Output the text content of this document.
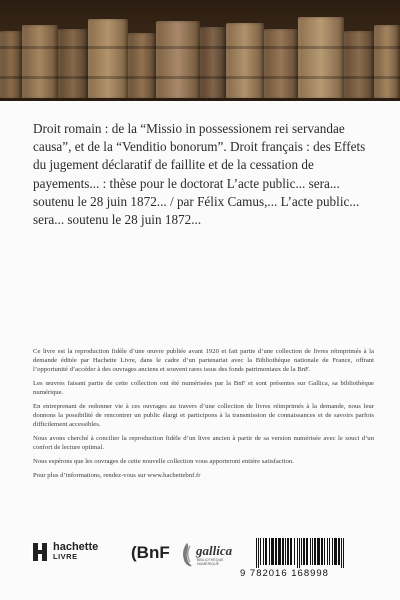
Droit romain : de la “Missio in possessionem rei servandae causa”, et de la “Venditio bonorum”. Droit français : des Effets du jugement déclaratif de faillite et de la cessation de payements... : thèse pour le doctorat L’acte public... sera... soutenu le 28 juin 1872... / par Félix Camus,... L’acte public... sera... soutenu le 28 juin 1872...

Ce livre est la reproduction fidèle d’une œuvre publiée avant 1920 et fait partie d’une collection de livres réimprimés à la demande éditée par Hachette Livre, dans le cadre d’un partenariat avec la Bibliothèque nationale de France, offrant l’opportunité d’accéder à des ouvrages anciens et souvent rares issus des fonds patrimoniaux de la BnF.

Les œuvres faisant partie de cette collection ont été numérisées par la BnF et sont présentes sur Gallica, sa bibliothèque numérique.

En entreprenant de redonner vie à ces ouvrages au travers d’une collection de livres réimprimés à la demande, nous leur donnons la possibilité de rencontrer un public élargi et participons à la transmission de connaissances et de savoirs parfois difficilement accessibles.

Nous avons cherché à concilier la reproduction fidèle d’un livre ancien à partir de sa version numérisée avec le souci d’un confort de lecture optimal.

Nous espérons que les ouvrages de cette nouvelle collection vous apporteront entière satisfaction.

Pour plus d’informations, rendez-vous sur www.hachettebnf.fr

hachette
LIVRE	(BnF gallica
BIBLIOTHÈQUE
NUMÉRIQUE
9 782016 168998
